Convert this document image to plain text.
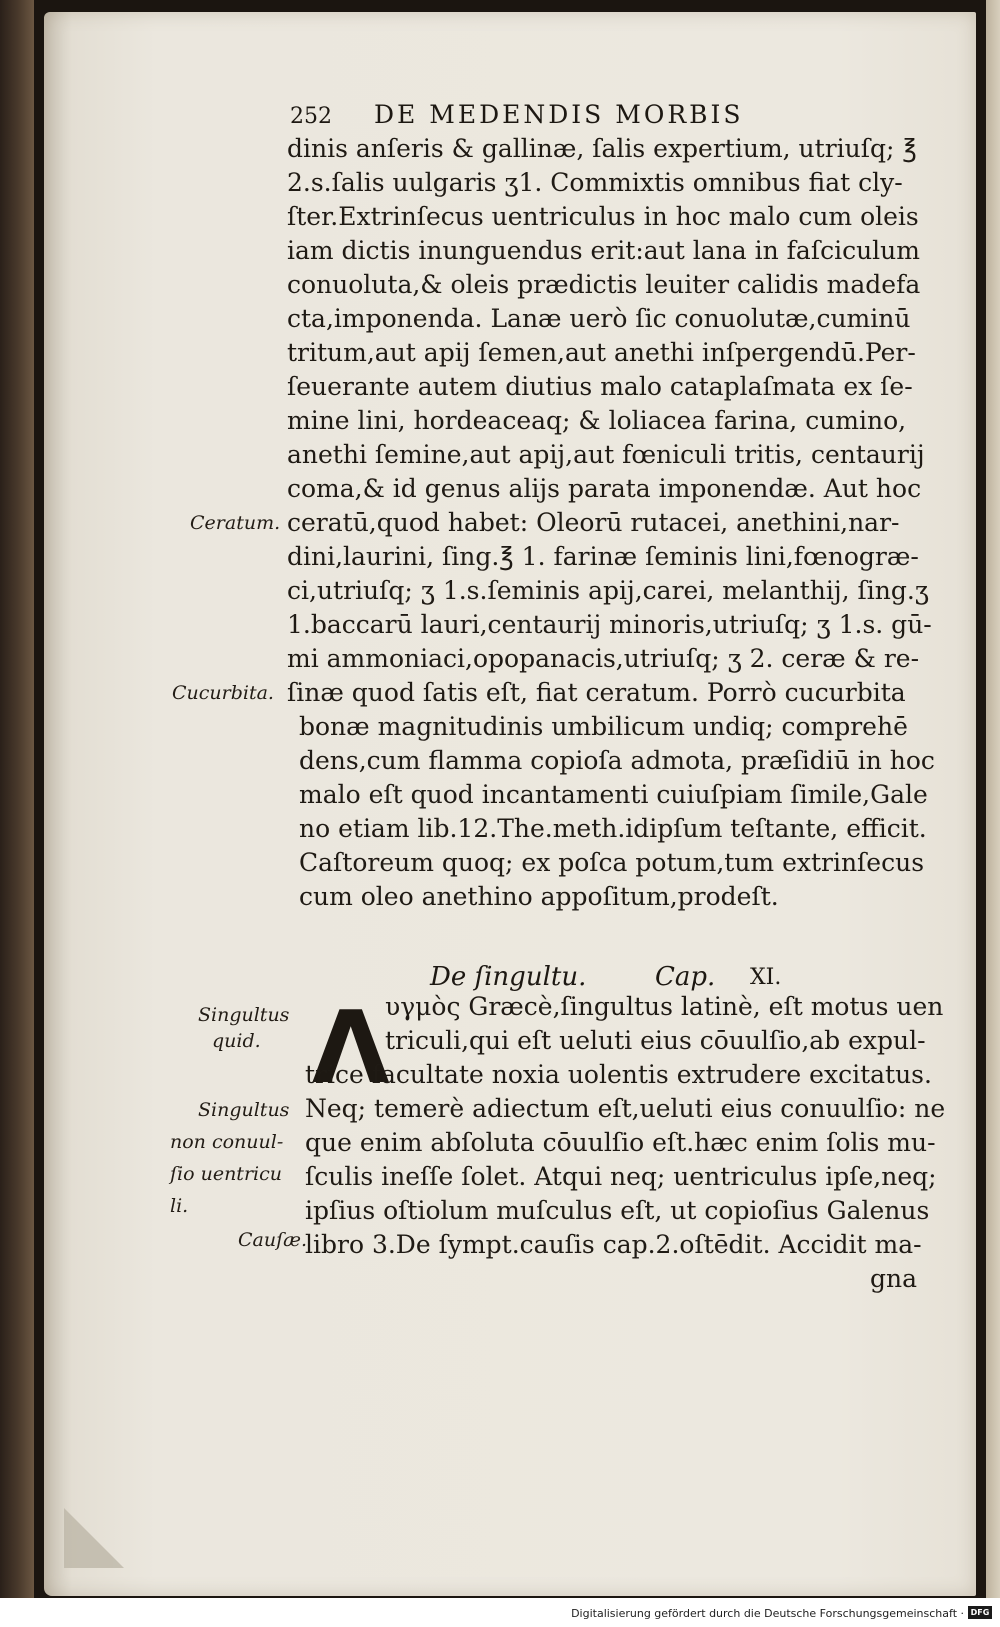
252 DE MEDENDIS MORBIS
dinis anſeris & gallinæ, ſalis expertium, utriuſq; ℥
2.s.ſalis uulgaris ʒ1. Commixtis omnibus fiat cly-
ſter.Extrinſecus uentriculus in hoc malo cum oleis
iam dictis inunguendus erit:aut lana in faſciculum
conuoluta,& oleis prædictis leuiter calidis madefa
cta,imponenda. Lanæ uerò ſic conuolutæ,cuminū
tritum,aut apij ſemen,aut anethi inſpergendū.Per-
ſeuerante autem diutius malo cataplaſmata ex ſe-
mine lini, hordeaceaq; & loliacea farina, cumino,
anethi ſemine,aut apij,aut fœniculi tritis, centaurij
coma,& id genus alijs parata imponendæ. Aut hoc
ceratū,quod habet: Oleorū rutacei, anethini,nar-
dini,laurini, ſing.℥ 1. farinæ ſeminis lini,fœnogræ-
ci,utriuſq; ʒ 1.s.ſeminis apij,carei, melanthij, ſing.ʒ
1.baccarū lauri,centaurij minoris,utriuſq; ʒ 1.s. gū-
mi ammoniaci,opopanacis,utriuſq; ʒ 2. ceræ & re-
ſinæ quod ſatis eſt, fiat ceratum. Porrò cucurbita
bonæ magnitudinis umbilicum undiq; comprehē
dens,cum flamma copioſa admota, præſidiū in hoc
malo eſt quod incantamenti cuiuſpiam ſimile,Gale
no etiam lib.12.The.meth.idipſum teſtante, efficit.
Caſtoreum quoq; ex poſca potum,tum extrinſecus
cum oleo anethino appoſitum,prodeſt.
Ceratum.
Cucurbita.
De ſingultu.	Cap. XI.
Λ
υγμὸς Græcè,ſingultus latinè, eſt motus uen
triculi,qui eſt ueluti eius cōuulſio,ab expul-
trice facultate noxia uolentis extrudere excitatus.
Neq; temerè adiectum eſt,ueluti eius conuulſio: ne
que enim abſoluta cōuulſio eſt.hæc enim ſolis mu-
ſculis ineſſe ſolet. Atqui neq; uentriculus ipſe,neq;
ipſius oſtiolum muſculus eſt, ut copioſius Galenus
libro 3.De ſympt.cauſis cap.2.oſtēdit. Accidit ma-
gna
Singultus
quid.
Singultus
non conuul-
ſio uentricu
li.
Cauſæ.
Digitalisierung gefördert durch die Deutsche Forschungsgemeinschaft · DFG
